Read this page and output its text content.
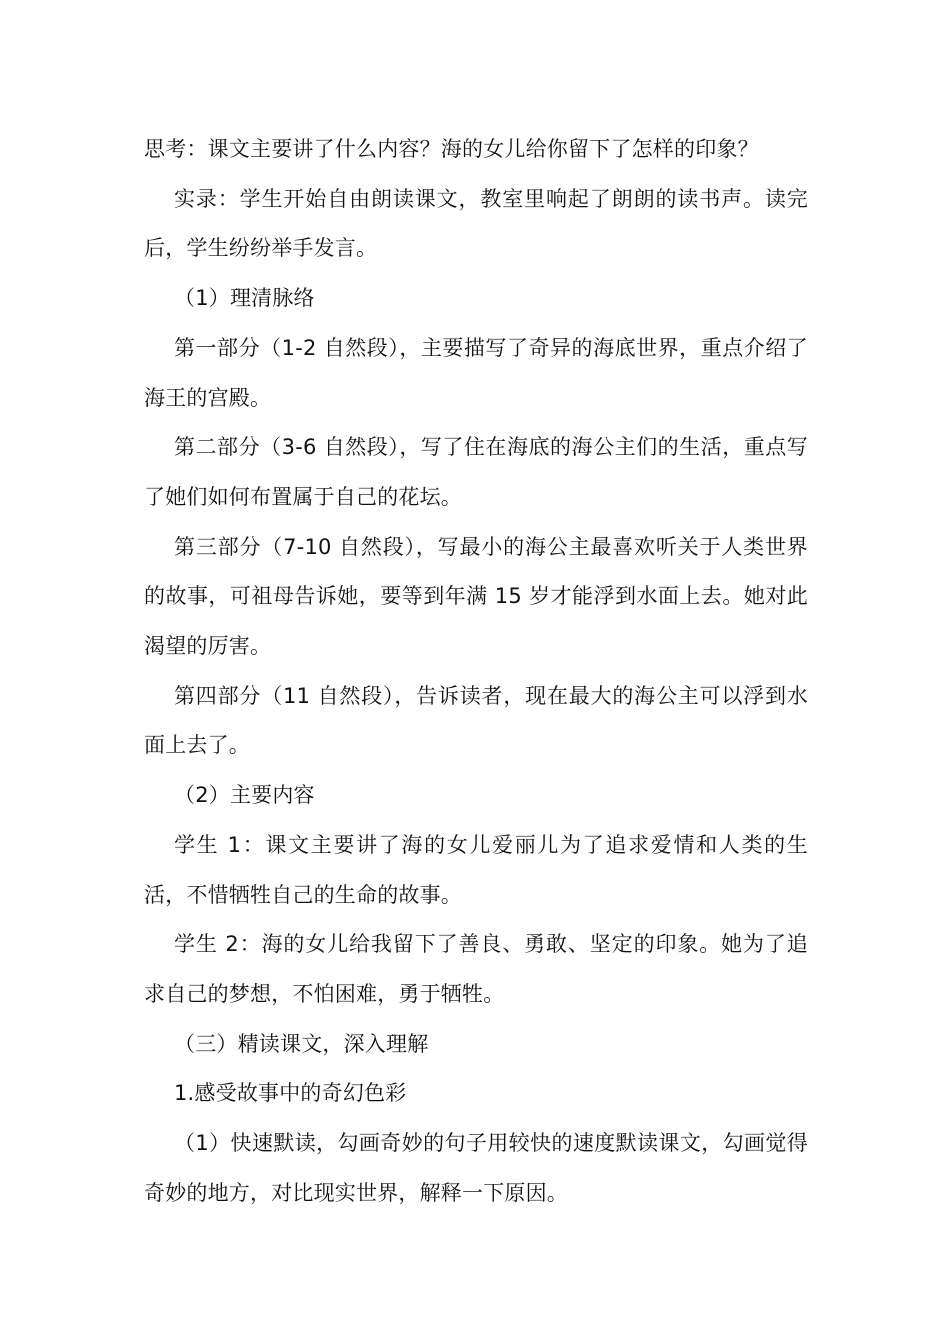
思考：课文主要讲了什么内容？海的女儿给你留下了怎样的印象？

实录：学生开始自由朗读课文，教室里响起了朗朗的读书声。读完后，学生纷纷举手发言。

（1）理清脉络

第一部分（1-2 自然段），主要描写了奇异的海底世界，重点介绍了海王的宫殿。

第二部分（3-6 自然段），写了住在海底的海公主们的生活，重点写了她们如何布置属于自己的花坛。

第三部分（7-10 自然段），写最小的海公主最喜欢听关于人类世界的故事，可祖母告诉她，要等到年满 15 岁才能浮到水面上去。她对此渴望的厉害。

第四部分（11 自然段），告诉读者，现在最大的海公主可以浮到水面上去了。

（2）主要内容

学生 1：课文主要讲了海的女儿爱丽儿为了追求爱情和人类的生活，不惜牺牲自己的生命的故事。

学生 2：海的女儿给我留下了善良、勇敢、坚定的印象。她为了追求自己的梦想，不怕困难，勇于牺牲。

（三）精读课文，深入理解

1.感受故事中的奇幻色彩

（1）快速默读，勾画奇妙的句子用较快的速度默读课文，勾画觉得奇妙的地方，对比现实世界，解释一下原因。
